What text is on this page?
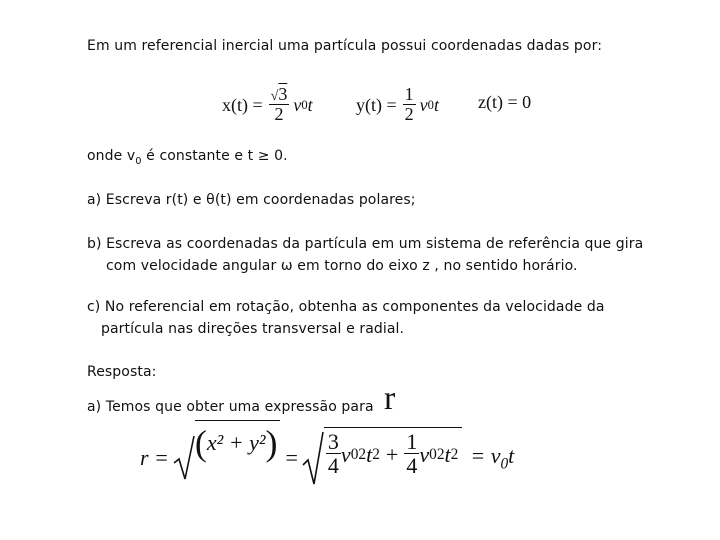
Em um referencial inercial uma partícula possui coordenadas dadas por:
$x(t) = \frac{√3}{2}$ v 0 t $y(t) = \frac{1}{2}$ v 0 t z(t) = 0
onde $v_0$ é constante e t ≥ 0.
a) Escreva r(t) e θ(t) em coordenadas polares;
b) Escreva as coordenadas da partícula em um sistema de referência que gira
com velocidade angular ω em torno do eixo z , no sentido horário.
c) No referencial em rotação, obtenha as componentes da velocidade da
partícula nas direções transversal e radial.
Resposta:
a) Temos que obter uma expressão para r
r = ( x² + y² ) = $\frac{3}{4}$ v 0 2 t $2 + \frac{1}{4}$ v 0 2 t $2 = v_0t$
